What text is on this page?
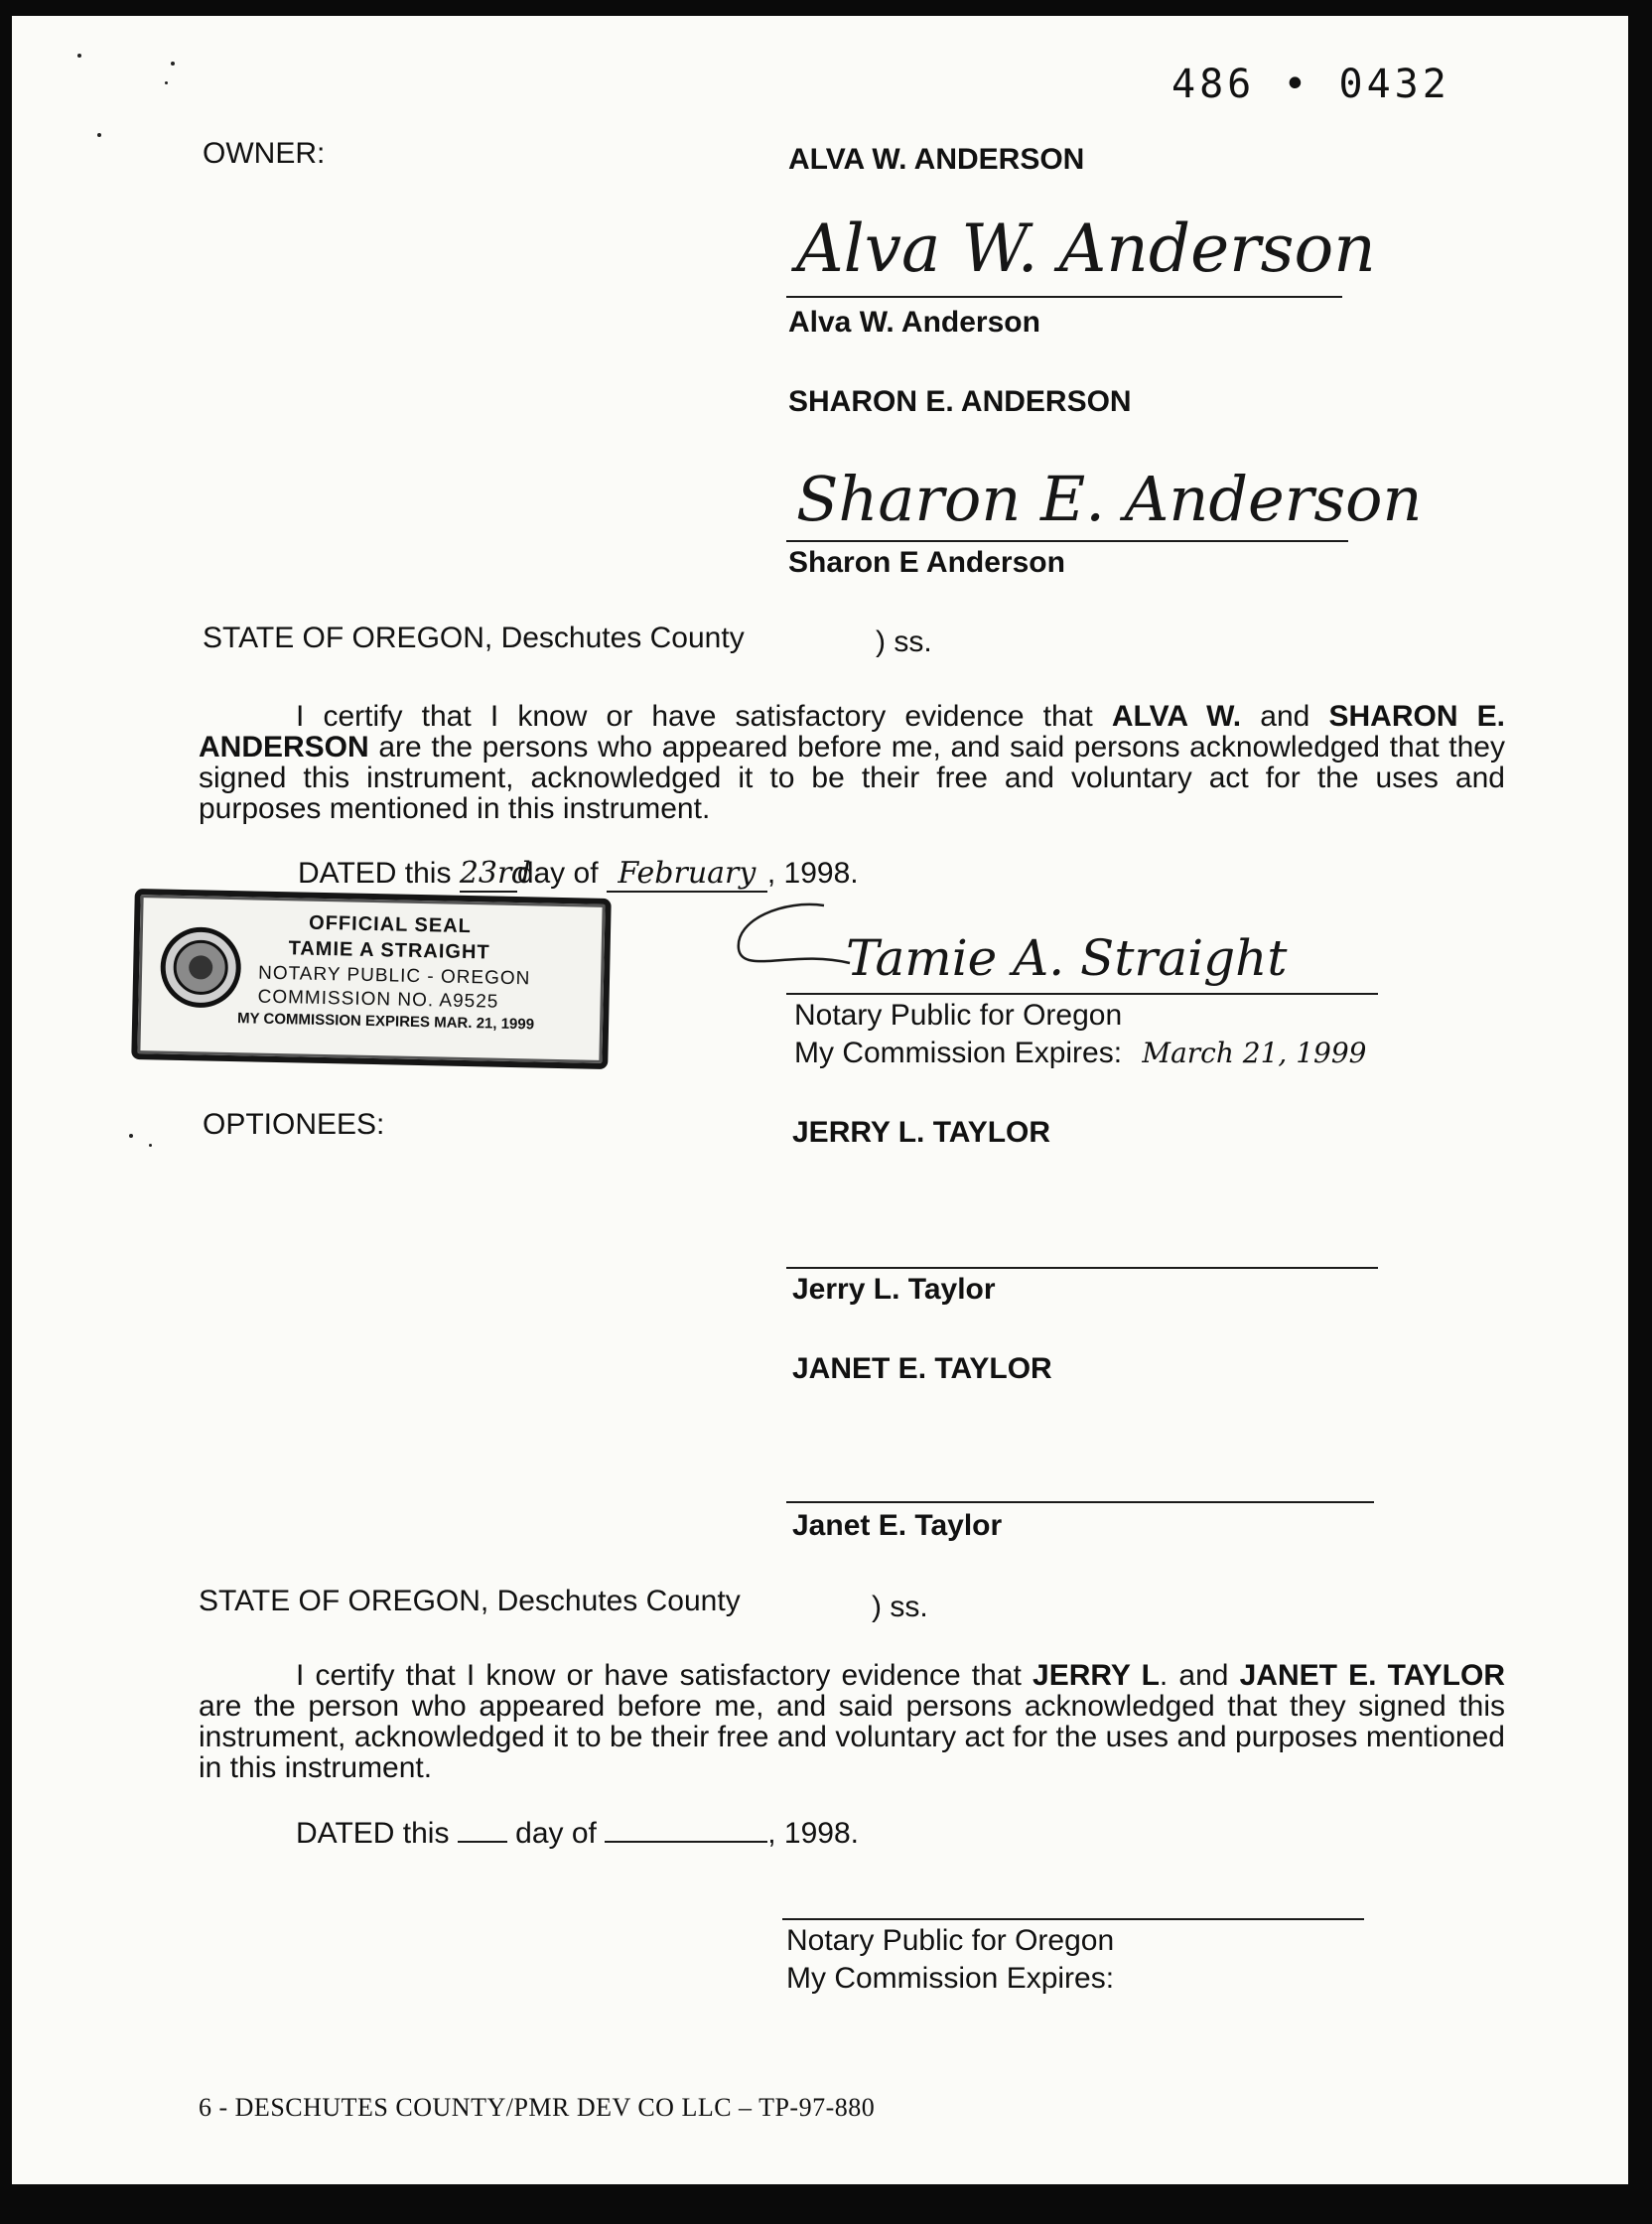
486 • 0432
OWNER:	ALVA W. ANDERSON
Alva W. Anderson
Alva W. Anderson
SHARON E. ANDERSON
Sharon E. Anderson
Sharon E Anderson
STATE OF OREGON, Deschutes County	) ss.
I certify that I know or have satisfactory evidence that ALVA W. and SHARON E. ANDERSON are the persons who appeared before me, and said persons acknowledged that they signed this instrument, acknowledged it to be their free and voluntary act for the uses and purposes mentioned in this instrument.
DATED this 23rdday of February , 1998.
OFFICIAL SEAL
TAMIE A STRAIGHT
NOTARY PUBLIC - OREGON
COMMISSION NO. A9525
MY COMMISSION EXPIRES MAR. 21, 1999
Tamie A. Straight
Notary Public for Oregon
My Commission Expires: March 21, 1999
OPTIONEES:	JERRY L. TAYLOR
Jerry L. Taylor
JANET E. TAYLOR
Janet E. Taylor
STATE OF OREGON, Deschutes County	) ss.
I certify that I know or have satisfactory evidence that JERRY L. and JANET E. TAYLOR are the person who appeared before me, and said persons acknowledged that they signed this instrument, acknowledged it to be their free and voluntary act for the uses and purposes mentioned in this instrument.
DATED this  day of	, 1998.
Notary Public for Oregon
My Commission Expires:
6 - DESCHUTES COUNTY/PMR DEV CO LLC – TP-97-880
